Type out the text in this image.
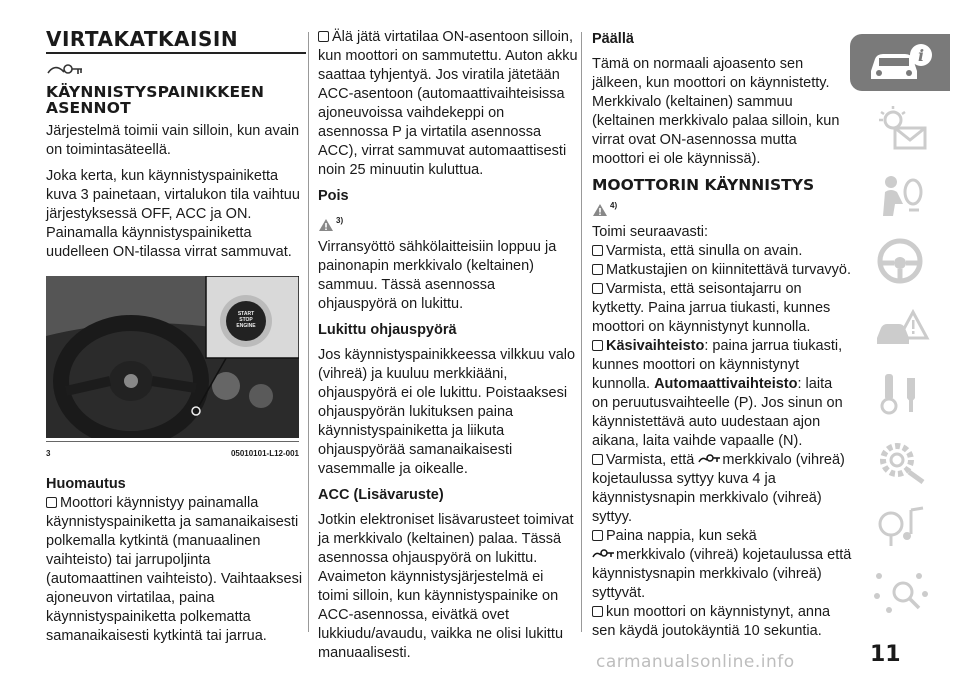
VIRTAKATKAISIN
KÄYNNISTYSPAINIKKEEN ASENNOT

Järjestelmä toimii vain silloin, kun avain on toimintasäteellä.

Joka kerta, kun käynnistyspainiketta kuva 3 painetaan, virtalukon tila vaihtuu järjestyksessä OFF, ACC ja ON. Painamalla käynnistyspainiketta uudelleen ON-tilassa virrat sammuvat.

START
STOP
ENGINE
3	05010101-L12-001
Huomautus

Moottori käynnistyy painamalla käynnistyspainiketta ja samanaikaisesti polkemalla kytkintä (manuaalinen vaihteisto) tai jarrupoljinta (automaattinen vaihteisto). Vaihtaaksesi ajoneuvon virtatilaa, paina käynnistyspainiketta polkematta samanaikaisesti kytkintä tai jarrua.

Älä jätä virtatilaa ON-asentoon silloin, kun moottori on sammutettu. Auton akku saattaa tyhjentyä. Jos viratila jätetään ACC-asentoon (automaattivaihteisissa ajoneuvoissa vaihdekeppi on asennossa P ja virtatila asennossa ACC), virrat sammuvat automaattisesti noin 25 minuutin kuluttua.

Pois
3)

Virransyöttö sähkölaitteisiin loppuu ja painonapin merkkivalo (keltainen) sammuu. Tässä asennossa ohjauspyörä on lukittu.

Lukittu ohjauspyörä

Jos käynnistyspainikkeessa vilkkuu valo (vihreä) ja kuuluu merkkiääni, ohjauspyörä ei ole lukittu. Poistaaksesi ohjauspyörän lukituksen paina käynnistyspainiketta ja liikuta ohjauspyörää samanaikaisesti vasemmalle ja oikealle.

ACC (Lisävaruste)

Jotkin elektroniset lisävarusteet toimivat ja merkkivalo (keltainen) palaa. Tässä asennossa ohjauspyörä on lukittu. Avaimeton käynnistysjärjestelmä ei toimi silloin, kun käynnistyspainike on ACC-asennossa, eivätkä ovet lukkiudu/avaudu, vaikka ne olisi lukittu manuaalisesti.

Päällä

Tämä on normaali ajoasento sen jälkeen, kun moottori on käynnistetty. Merkkivalo (keltainen) sammuu (keltainen merkkivalo palaa silloin, kun virrat ovat ON-asennossa mutta moottori ei ole käynnissä).

MOOTTORIN KÄYNNISTYS
4)

Toimi seuraavasti:

Varmista, että sinulla on avain.

Matkustajien on kiinnitettävä turvavyö.

Varmista, että seisontajarru on kytketty. Paina jarrua tiukasti, kunnes moottori on käynnistynyt kunnolla.

Käsivaihteisto: paina jarrua tiukasti, kunnes moottori on käynnistynyt kunnolla. Automaattivaihteisto: laita on peruutusvaihteelle (P). Jos sinun on käynnistettävä auto uudestaan ajon aikana, laita vaihde vapaalle (N).

Varmista, että merkkivalo (vihreä) kojetaulussa syttyy kuva 4 ja käynnistysnapin merkkivalo (vihreä) syttyy.

Paina nappia, kun sekä
merkkivalo (vihreä) kojetaulussa että käynnistysnapin merkkivalo (vihreä) syttyvät.

kun moottori on käynnistynyt, anna sen käydä joutokäyntiä 10 sekuntia.

i
11
carmanualsonline.info
